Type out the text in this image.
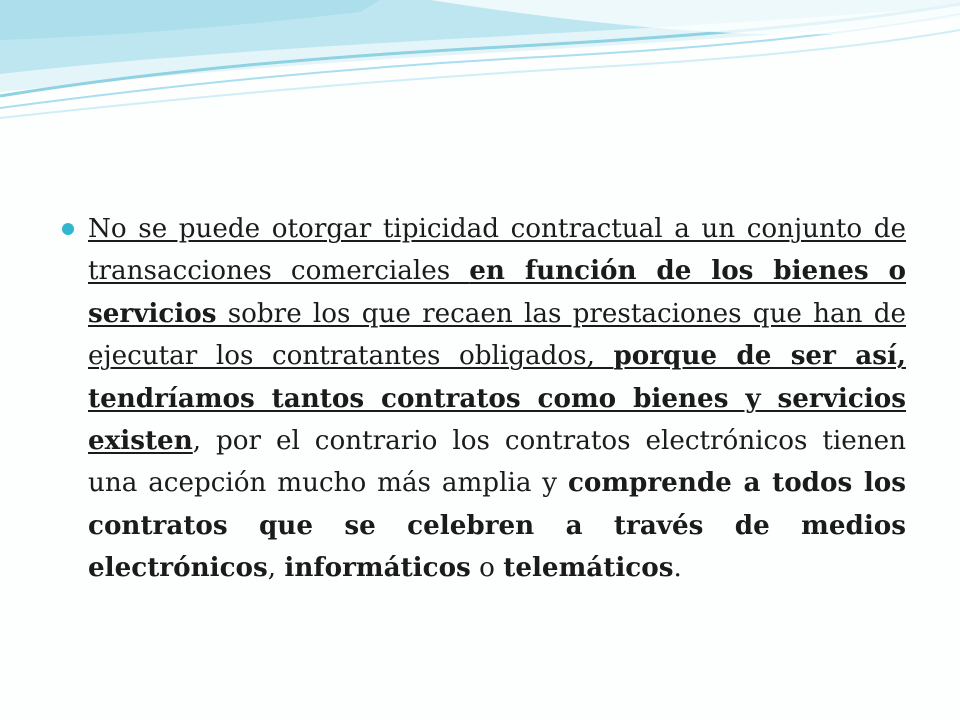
No se puede otorgar tipicidad contractual a un conjunto de transacciones comerciales en función de los bienes o servicios sobre los que recaen las prestaciones que han de ejecutar los contratantes obligados, porque de ser así, tendríamos tantos contratos como bienes y servicios existen, por el contrario los contratos electrónicos tienen una acepción mucho más amplia y comprende a todos los contratos que se celebren a través de medios electrónicos, informáticos o telemáticos.
